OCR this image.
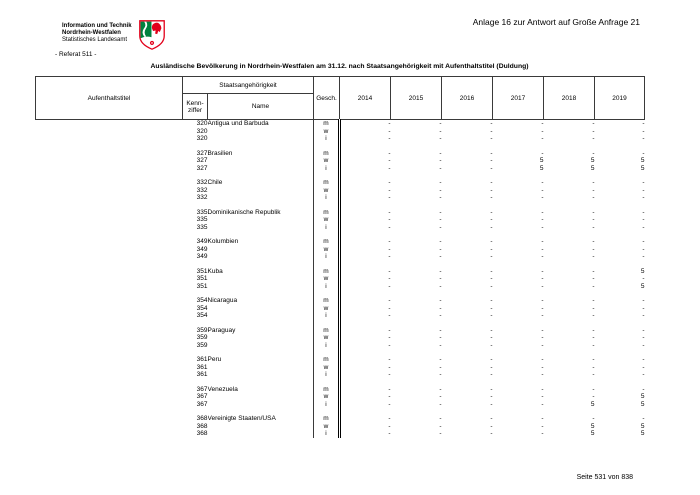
Information und Technik
Nordrhein-Westfalen
Statistisches Landesamt
- Referat 511 -
Anlage 16 zur Antwort auf Große Anfrage 21
Ausländische Bevölkerung in Nordrhein-Westfalen am 31.12. nach Staatsangehörigkeit mit Aufenthaltstitel (Duldung)
Aufenthaltstitel	Staatsangehörigkeit		Gesch.	2014	2015	2016	2017	2018	2019
	Kenn-
ziffer	Name							
	320	Antigua und Barbuda	m	-	-	-	-	-	-
	320		w	-	-	-	-	-	-
	320		i	-	-	-	-	-	-
	327	Brasilien	m	-	-	-	-	-	-
	327		w	-	-	-	5	5	5
	327		i	-	-	-	5	5	5
	332	Chile	m	-	-	-	-	-	-
	332		w	-	-	-	-	-	-
	332		i	-	-	-	-	-	-
	335	Dominikanische Republik	m	-	-	-	-	-	-
	335		w	-	-	-	-	-	-
	335		i	-	-	-	-	-	-
	349	Kolumbien	m	-	-	-	-	-	-
	349		w	-	-	-	-	-	-
	349		i	-	-	-	-	-	-
	351	Kuba	m	-	-	-	-	-	5
	351		w	-	-	-	-	-	-
	351		i	-	-	-	-	-	5
	354	Nicaragua	m	-	-	-	-	-	-
	354		w	-	-	-	-	-	-
	354		i	-	-	-	-	-	-
	359	Paraguay	m	-	-	-	-	-	-
	359		w	-	-	-	-	-	-
	359		i	-	-	-	-	-	-
	361	Peru	m	-	-	-	-	-	-
	361		w	-	-	-	-	-	-
	361		i	-	-	-	-	-	-
	367	Venezuela	m	-	-	-	-	-	-
	367		w	-	-	-	-	-	5
	367		i	-	-	-	-	5	5
	368	Vereinigte Staaten/USA	m	-	-	-	-	-	-
	368		w	-	-	-	-	5	5
	368		i	-	-	-	-	5	5
Seite 531 von 838
